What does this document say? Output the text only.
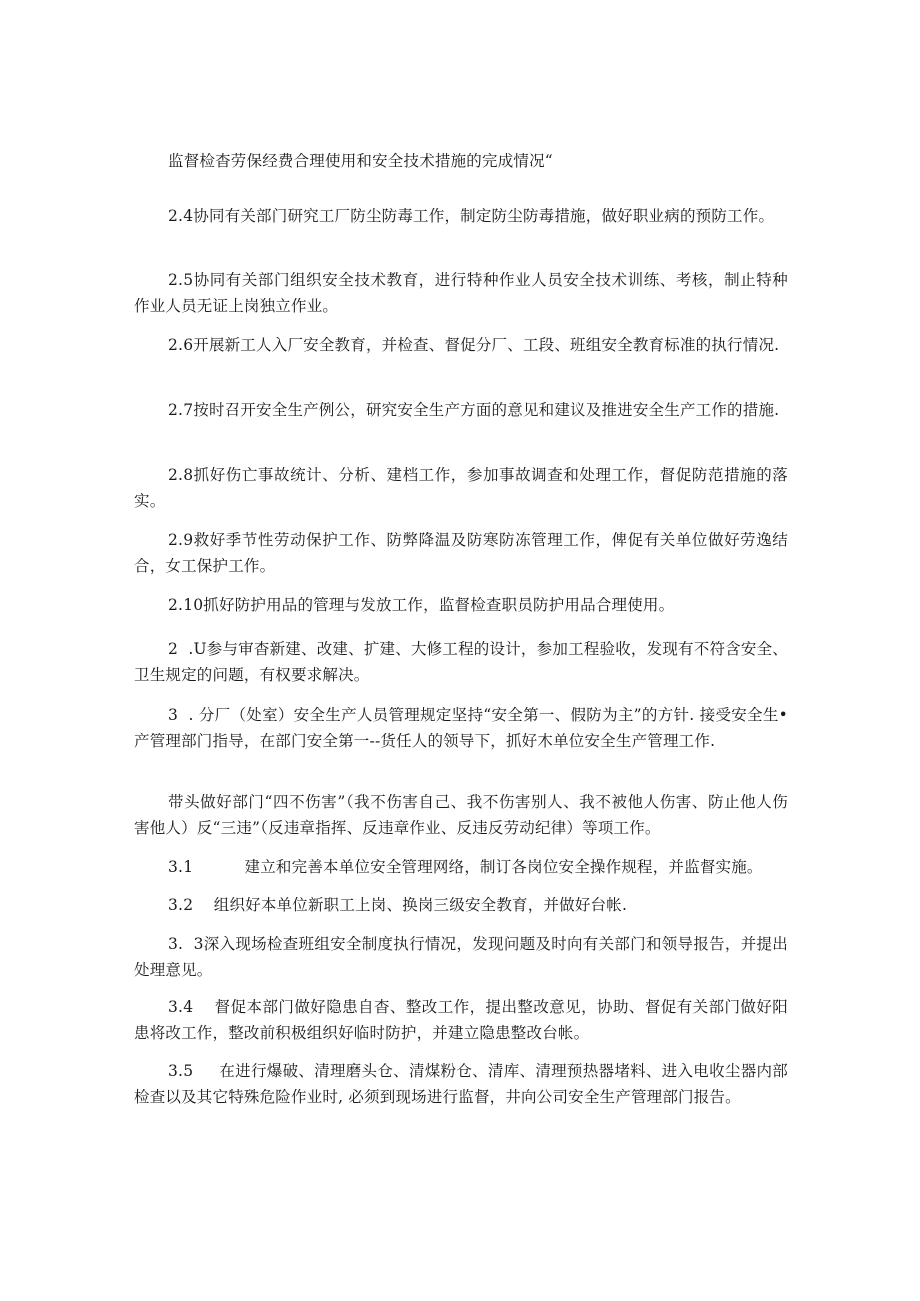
监督检杳劳保经费合理使用和安全技术措施的完成情况“

2.4协同有关部门研究工厂防尘防毒工作，制定防尘防毒措施，做好职业病的预防工作。

2.5协同有关部门组织安全技术教育，进行特种作业人员安全技术训练、考核，制止特种作业人员无证上岗独立作业。

2.6开展新工人入厂安全教育，并检查、督促分厂、工段、班组安全教育标准的执行情况.

2.7按时召开安全生产例公，研究安全生产方面的意见和建议及推进安全生产工作的措施.

2.8抓好伤亡事故统计、分析、建档工作，参加事故调查和处理工作，督促防范措施的落实。

2.9救好季节性劳动保护工作、防弊降温及防寒防冻管理工作，俾促有关单位做好劳逸结合，女工保护工作。

2.10抓好防护用品的管理与发放工作，监督检查职员防护用品合理使用。

2  .U参与审杳新建、改建、扩建、大修工程的设计，参加工程验收，发现有不符含安全、卫生规定的问题，有权要求解决。

3  . 分厂（处室）安全生产人员管理规定坚持“安全第一、假防为主”的方针. 接受安全生•产管理部门指导，在部门安全第一--货任人的领导下，抓好木单位安全生产管理工作.

带头做好部门“四不伤害”（我不伤害自己、我不伤害别人、我不被他人伤害、防止他人伤害他人）反“三违”（反违章指挥、反违章作业、反违反劳动纪律）等项工作。

3.1          建立和完善本单位安全管理网络，制订各岗位安全操作规程，并监督实施。

3.2    组织好本单位新职工上岗、换岗三级安全教育，并做好台帐.

3.  3深入现场检查班组安全制度执行情况，发现问题及时向有关部门和领导报告，并提出处理意见。

3.4    督促本部门做好隐患自杳、整改工作，提出整改意见，协助、督促有关部门做好阳患将改工作，整改前积极组织好临时防护，并建立隐患整改台帐。

3.5     在进行爆破、清理磨头仓、清煤粉仓、清库、清理预热器堵料、进入电收尘器内部检查以及其它特殊危险作业时, 必须到现场进行监督，井向公司安全生产管理部门报告。
